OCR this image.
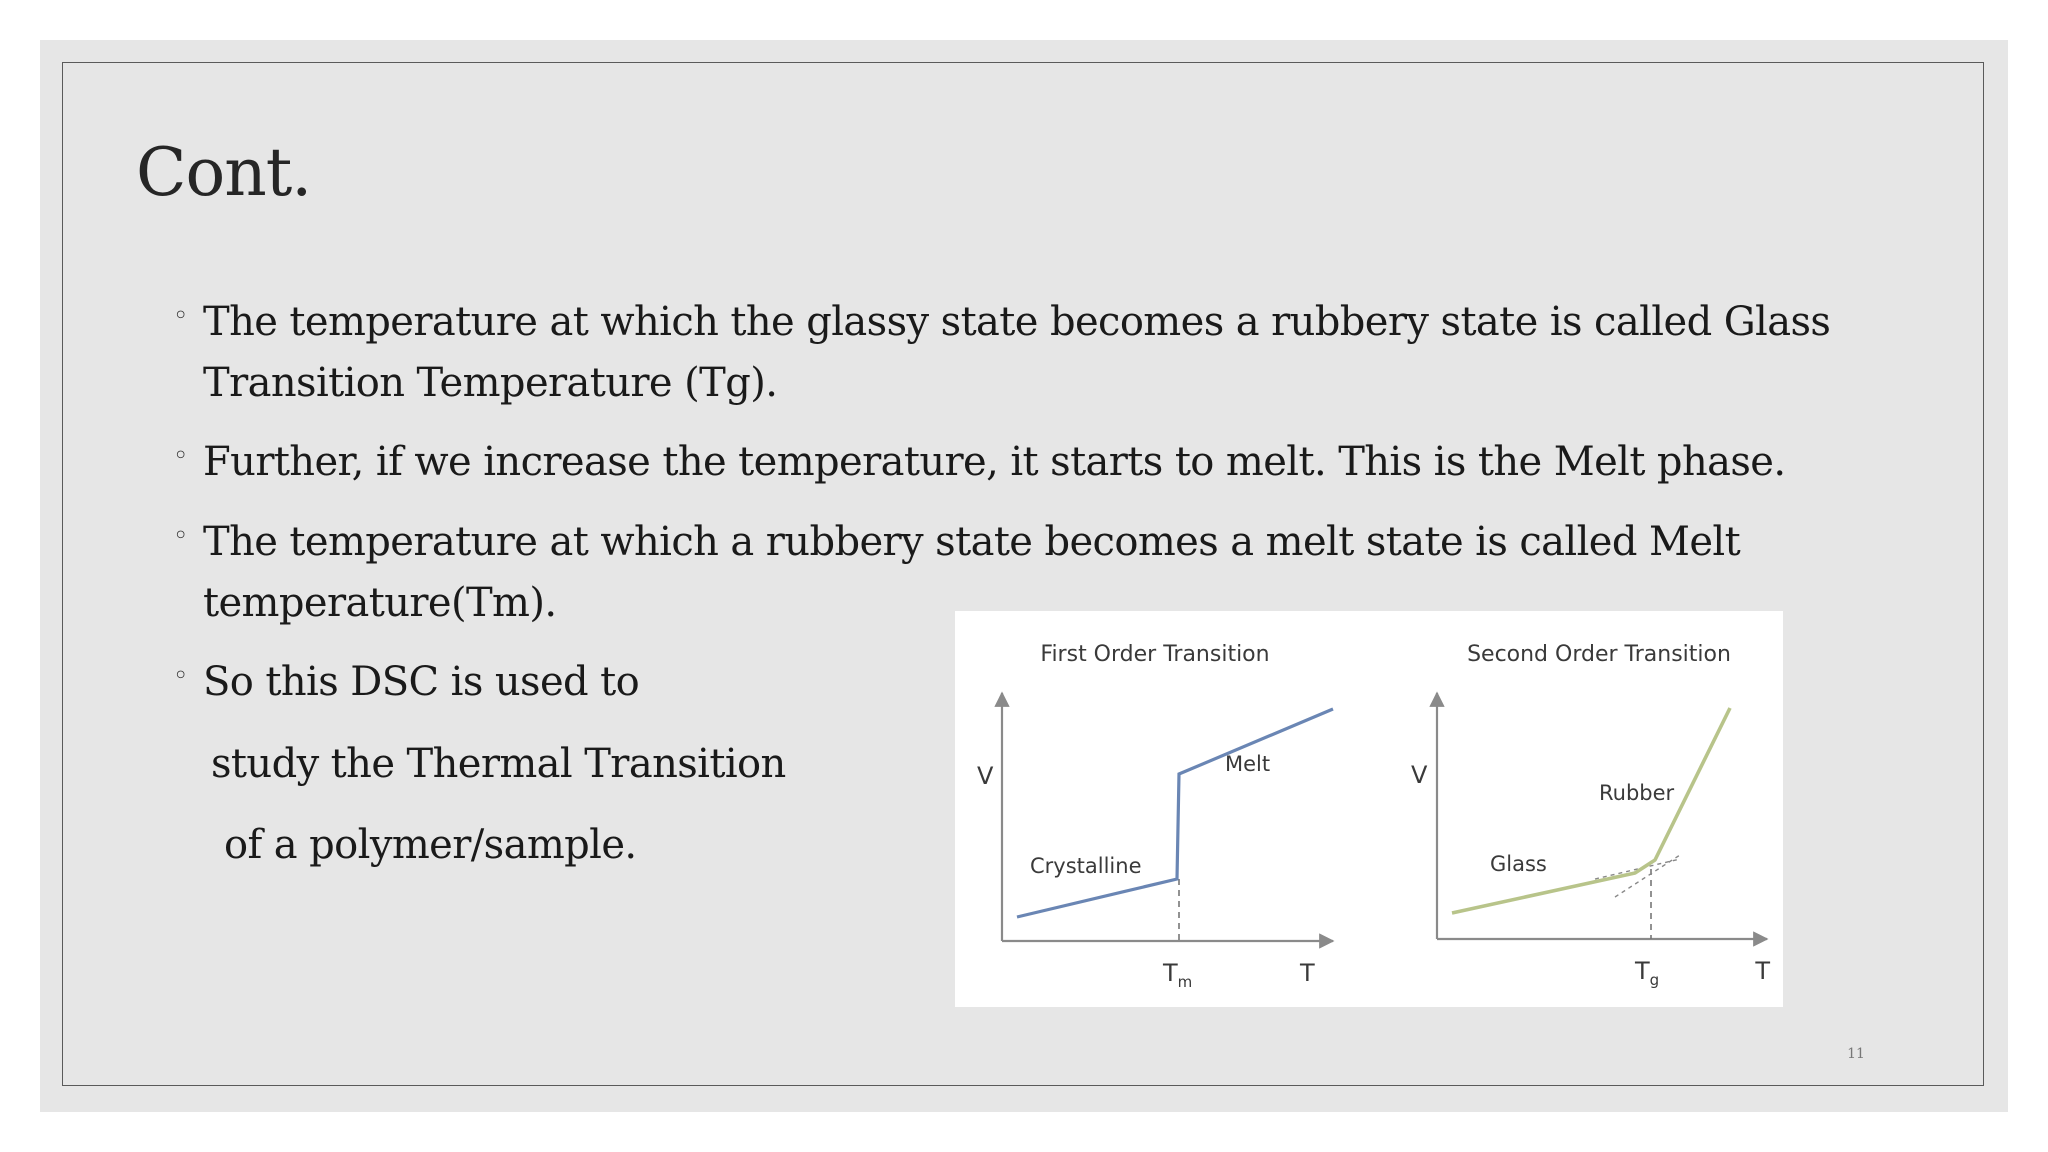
Cont.
◦ The temperature at which the glassy state becomes a rubbery state is called Glass Transition Temperature (Tg).
◦ Further, if we increase the temperature, it starts to melt. This is the Melt phase.
◦ The temperature at which a rubbery state becomes a melt state is called Melt temperature(Tm).
◦ So this DSC is used to
study the Thermal Transition
of a polymer/sample.
First Order Transition
V
T
Crystalline
Melt
$T_m$
Second Order Transition
V
T
Glass
Rubber
$T_g$
11
